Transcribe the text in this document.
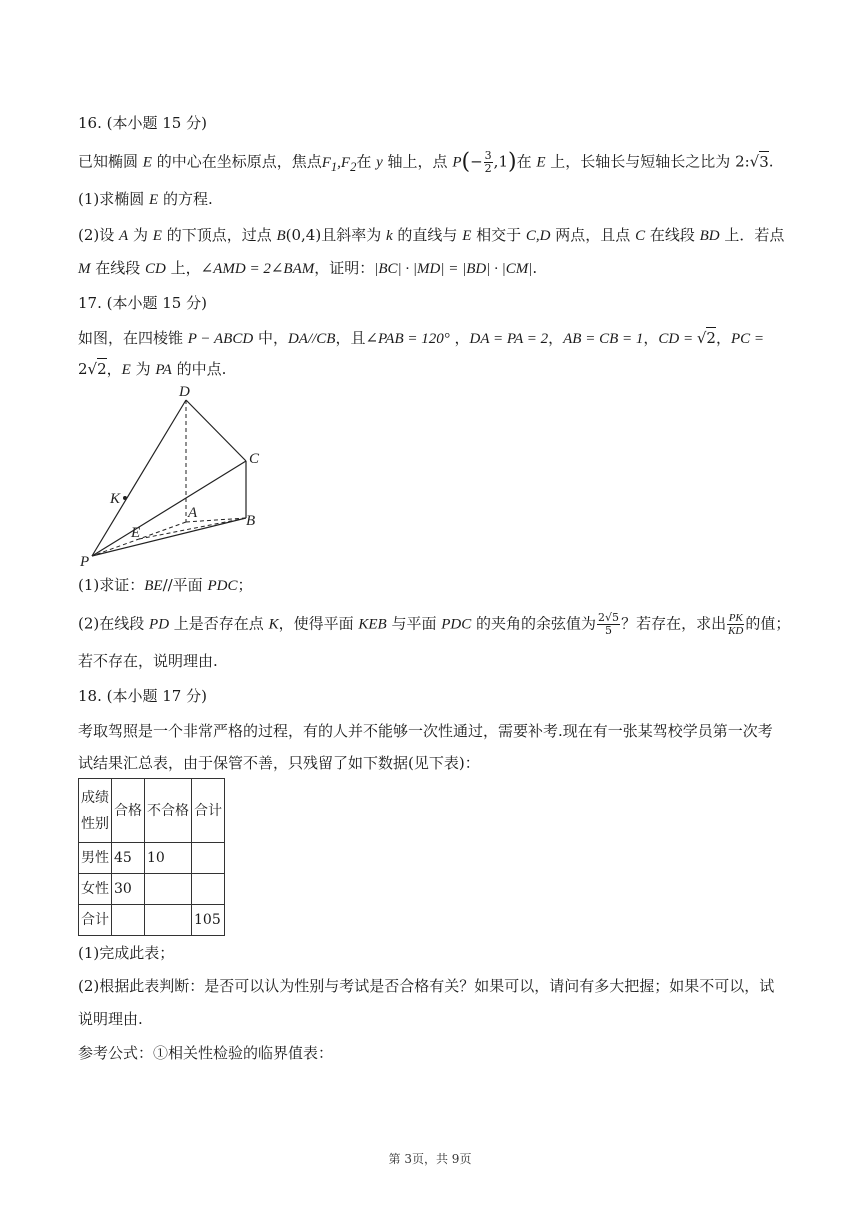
16. (本小题 15 分)
已知椭圆 E 的中心在坐标原点，焦点$F_1,F_2$在 y 轴上，点 $P(- \frac{3}{2} ,1)$在 E 上，长轴长与短轴长之比为 2:√3.
(1)求椭圆 E 的方程.
(2)设 A 为 E 的下顶点，过点 B(0,4)且斜率为 k 的直线与 E 相交于 C,D 两点，且点 C 在线段 BD 上．若点
M 在线段 CD 上，∠AMD = 2∠BAM，证明：|BC| · |MD| = |BD| · |CM|.
17. (本小题 15 分)
如图，在四棱锥 P − ABCD 中，DA//CB，且∠PAB = 120° ，DA = PA = 2，AB = CB = 1，CD = √2，PC =
2√2，E 为 PA 的中点.
D
C
K
A	B
E
P
(1)求证：BE//平面 PDC；
(2)在线段 PD 上是否存在点 K，使得平面 KEB 与平面 PDC 的夹角的余弦值为 $\frac{2√5}{5}$ ？若存在，求出 $\frac{PK}{KD}$ 的值；
若不存在，说明理由.
18. (本小题 17 分)
考取驾照是一个非常严格的过程，有的人并不能够一次性通过，需要补考.现在有一张某驾校学员第一次考
试结果汇总表，由于保管不善，只残留了如下数据(见下表)：
成绩
性别	合格	不合格	合计
男性	45	10	
女性	30		
合计			105
(1)完成此表；
(2)根据此表判断：是否可以认为性别与考试是否合格有关？如果可以，请问有多大把握；如果不可以，试
说明理由.
参考公式：①相关性检验的临界值表：
第 3页，共 9页
